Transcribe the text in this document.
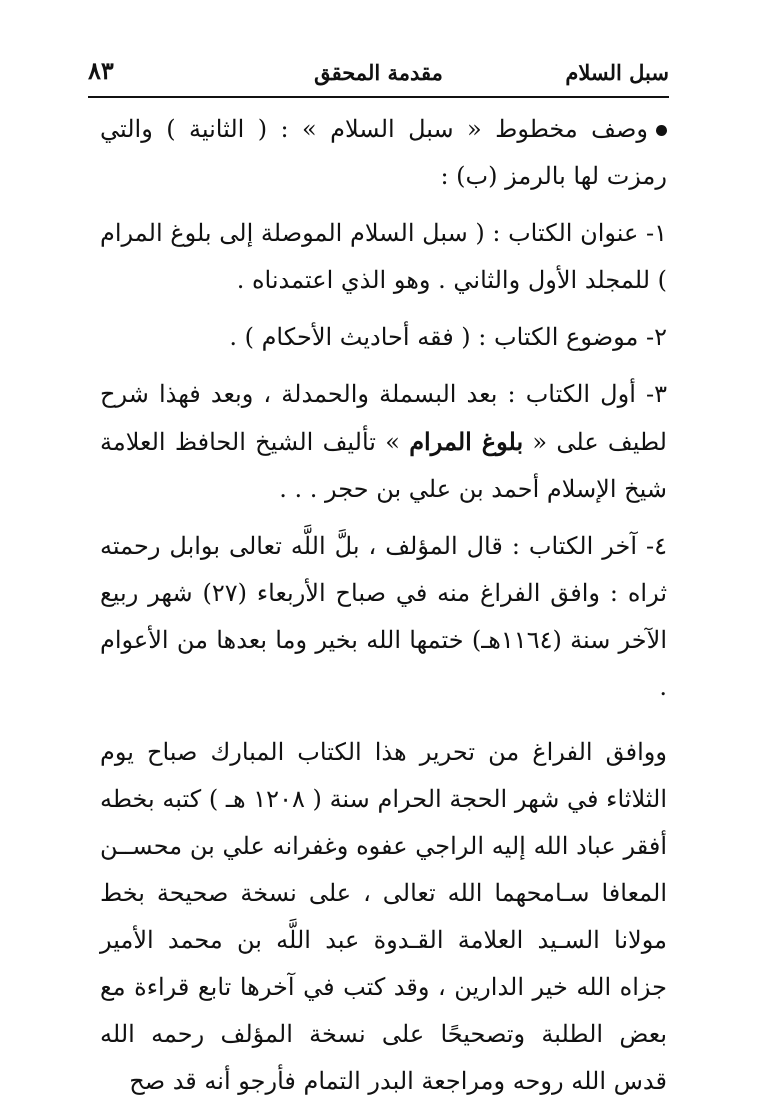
سبل السلام
مقدمة المحقق
٨٣

وصف مخطوط « سبل السلام » : ( الثانية ) والتي رمزت لها بالرمز (ب) :

١- عنوان الكتاب : ( سبل السلام الموصلة إلى بلوغ المرام ) للمجلد الأول والثاني . وهو الذي اعتمدناه .

٢- موضوع الكتاب : ( فقه أحاديث الأحكام ) .

٣- أول الكتاب : بعد البسملة والحمدلة ، وبعد فهذا شرح لطيف على « بلوغ المرام » تأليف الشيخ الحافظ العلامة شيخ الإسلام أحمد بن علي بن حجر . . .

٤- آخر الكتاب : قال المؤلف ، بلَّ اللَّه تعالى بوابل رحمته ثراه : وافق الفراغ منه في صباح الأربعاء (٢٧) شهر ربيع الآخر سنة (١١٦٤هـ) ختمها الله بخير وما بعدها من الأعوام .

ووافق الفراغ من تحرير هذا الكتاب المبارك صباح يوم الثلاثاء في شهر الحجة الحرام سنة ( ١٢٠٨ هـ ) كتبه بخطه أفقر عباد الله إليه الراجي عفوه وغفرانه علي بن محســن المعافا سـامحهما الله تعالى ، على نسخة صحيحة بخط مولانا السـيد العلامة القـدوة عبد اللَّه بن محمد الأمير جزاه الله خير الدارين ، وقد كتب في آخرها تابع قراءة مع بعض الطلبة وتصحيحًا على نسخة المؤلف رحمه الله قدس الله روحه ومراجعة البدر التمام فأرجو أنه قد صح
